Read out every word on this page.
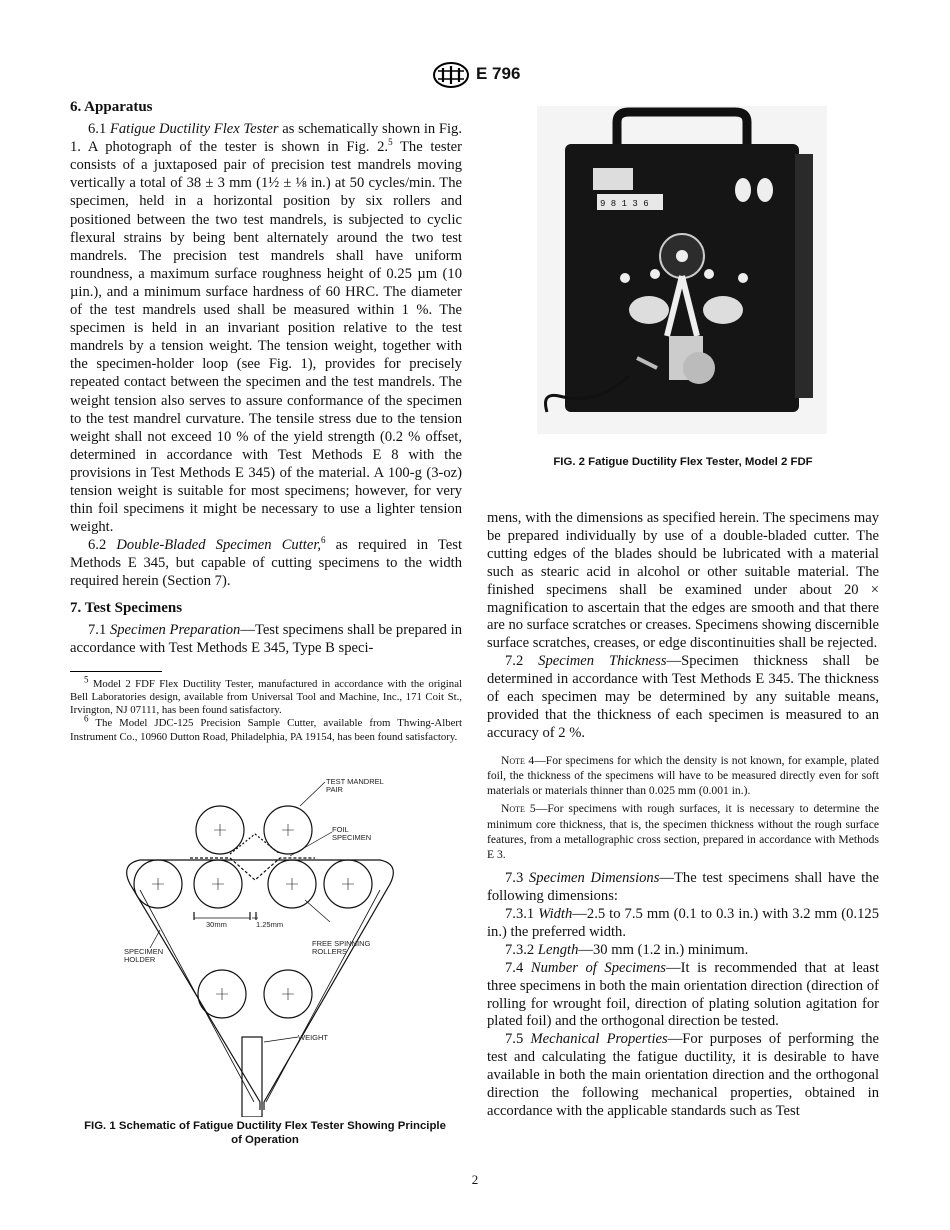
E 796
6. Apparatus

6.1 Fatigue Ductility Flex Tester as schematically shown in Fig. 1. A photograph of the tester is shown in Fig. 2.$^5$ The tester consists of a juxtaposed pair of precision test mandrels moving vertically a total of 38 ± 3 mm (1½ ± ⅛ in.) at 50 cycles/min. The specimen, held in a horizontal position by six rollers and positioned between the two test mandrels, is subjected to cyclic flexural strains by being bent alternately around the two test mandrels. The precision test mandrels shall have uniform roundness, a maximum surface roughness height of 0.25 µm (10 µin.), and a minimum surface hardness of 60 HRC. The diameter of the test mandrels used shall be measured within 1 %. The specimen is held in an invariant position relative to the test mandrels by a tension weight. The tension weight, together with the specimen-holder loop (see Fig. 1), provides for precisely repeated contact between the specimen and the test mandrels. The weight tension also serves to assure conformance of the specimen to the test mandrel curvature. The tensile stress due to the tension weight shall not exceed 10 % of the yield strength (0.2 % offset, determined in accordance with Test Methods E 8 with the provisions in Test Methods E 345) of the material. A 100-g (3-oz) tension weight is suitable for most specimens; however, for very thin foil specimens it might be necessary to use a lighter tension weight.

6.2 Double-Bladed Specimen Cutter,$^6$ as required in Test Methods E 345, but capable of cutting specimens to the width required herein (Section 7).

7. Test Specimens

7.1 Specimen Preparation—Test specimens shall be prepared in accordance with Test Methods E 345, Type B speci-

$^5$ Model 2 FDF Flex Ductility Tester, manufactured in accordance with the original Bell Laboratories design, available from Universal Tool and Machine, Inc., 171 Coit St., Irvington, NJ 07111, has been found satisfactory.

$^6$ The Model JDC-125 Precision Sample Cutter, available from Thwing-Albert Instrument Co., 10960 Dutton Road, Philadelphia, PA 19154, has been found satisfactory.

TEST MANDREL
PAIR
FOIL
SPECIMEN
30mm	1.25mm
SPECIMEN
HOLDER
FREE SPINNING
ROLLERS
WEIGHT
FIG. 1 Schematic of Fatigue Ductility Flex Tester Showing Principle of Operation
9 8 1 3 6
FIG. 2 Fatigue Ductility Flex Tester, Model 2 FDF

mens, with the dimensions as specified herein. The specimens may be prepared individually by use of a double-bladed cutter. The cutting edges of the blades should be lubricated with a material such as stearic acid in alcohol or other suitable material. The finished specimens shall be examined under about 20 × magnification to ascertain that the edges are smooth and that there are no surface scratches or creases. Specimens showing discernible surface scratches, creases, or edge discontinuities shall be rejected.

7.2 Specimen Thickness—Specimen thickness shall be determined in accordance with Test Methods E 345. The thickness of each specimen may be determined by any suitable means, provided that the thickness of each specimen is measured to an accuracy of 2 %.

Note 4—For specimens for which the density is not known, for example, plated foil, the thickness of the specimens will have to be measured directly even for soft materials or materials thinner than 0.025 mm (0.001 in.).

Note 5—For specimens with rough surfaces, it is necessary to determine the minimum core thickness, that is, the specimen thickness without the rough surface features, from a metallographic cross section, prepared in accordance with Methods E 3.

7.3 Specimen Dimensions—The test specimens shall have the following dimensions:

7.3.1 Width—2.5 to 7.5 mm (0.1 to 0.3 in.) with 3.2 mm (0.125 in.) the preferred width.

7.3.2 Length—30 mm (1.2 in.) minimum.

7.4 Number of Specimens—It is recommended that at least three specimens in both the main orientation direction (direction of rolling for wrought foil, direction of plating solution agitation for plated foil) and the orthogonal direction be tested.

7.5 Mechanical Properties—For purposes of performing the test and calculating the fatigue ductility, it is desirable to have available in both the main orientation direction and the orthogonal direction the following mechanical properties, obtained in accordance with the applicable standards such as Test

2
